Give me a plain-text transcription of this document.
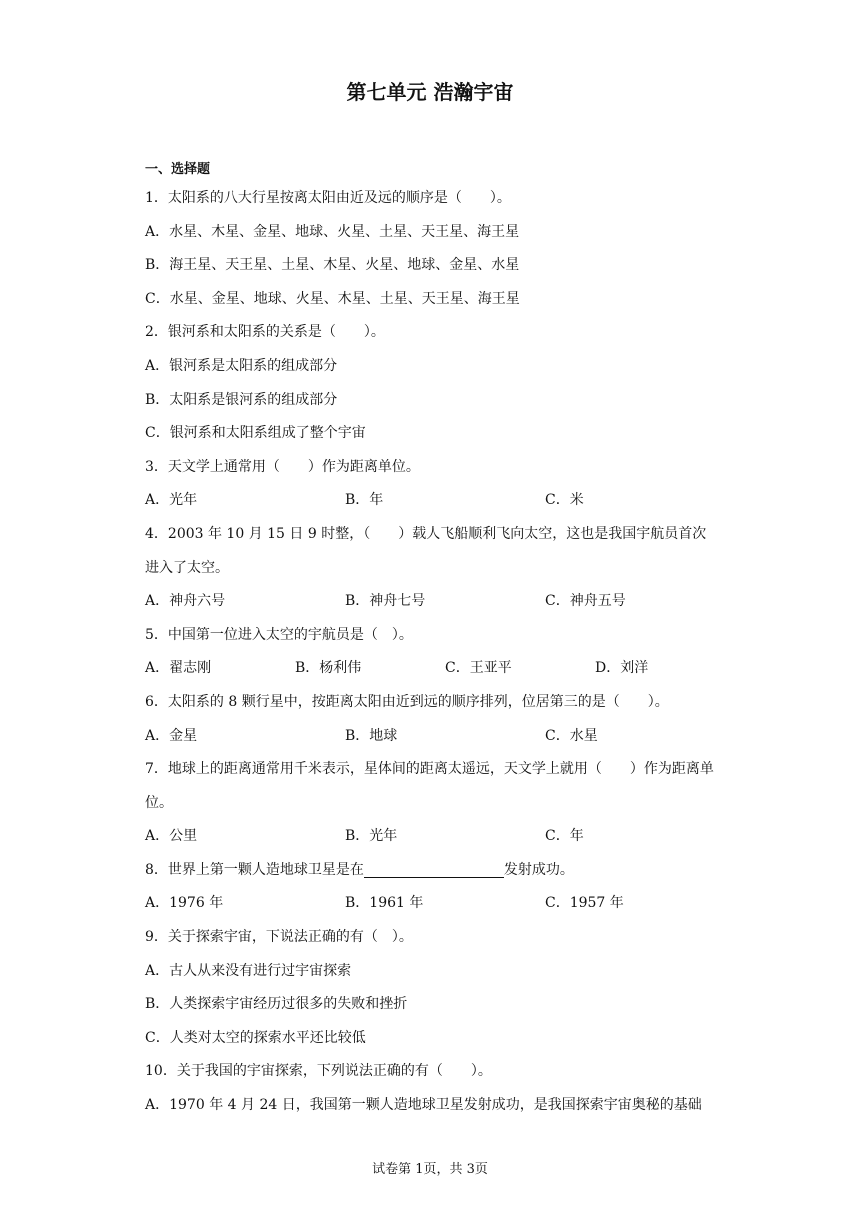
第七单元 浩瀚宇宙
一、选择题
1．太阳系的八大行星按离太阳由近及远的顺序是（　　）。
A．水星、木星、金星、地球、火星、土星、天王星、海王星
B．海王星、天王星、土星、木星、火星、地球、金星、水星
C．水星、金星、地球、火星、木星、土星、天王星、海王星
2．银河系和太阳系的关系是（　　）。
A．银河系是太阳系的组成部分
B．太阳系是银河系的组成部分
C．银河系和太阳系组成了整个宇宙
3．天文学上通常用（　　）作为距离单位。
A．光年	B．年	C．米
4．2003 年 10 月 15 日 9 时整，（　　）载人飞船顺利飞向太空，这也是我国宇航员首次进入了太空。
A．神舟六号	B．神舟七号	C．神舟五号
5．中国第一位进入太空的宇航员是（　）。
A．翟志刚	B．杨利伟	C．王亚平	D．刘洋
6．太阳系的 8 颗行星中，按距离太阳由近到远的顺序排列，位居第三的是（　　）。
A．金星	B．地球	C．水星
7．地球上的距离通常用千米表示，星体间的距离太遥远，天文学上就用（　　）作为距离单位。
A．公里	B．光年	C．年
8．世界上第一颗人造地球卫星是在	发射成功。
A．1976 年	B．1961 年	C．1957 年
9．关于探索宇宙，下说法正确的有（　）。
A．古人从来没有进行过宇宙探索
B．人类探索宇宙经历过很多的失败和挫折
C．人类对太空的探索水平还比较低
10．关于我国的宇宙探索，下列说法正确的有（　　）。
A．1970 年 4 月 24 日，我国第一颗人造地球卫星发射成功，是我国探索宇宙奥秘的基础
试卷第 1页，共 3页
